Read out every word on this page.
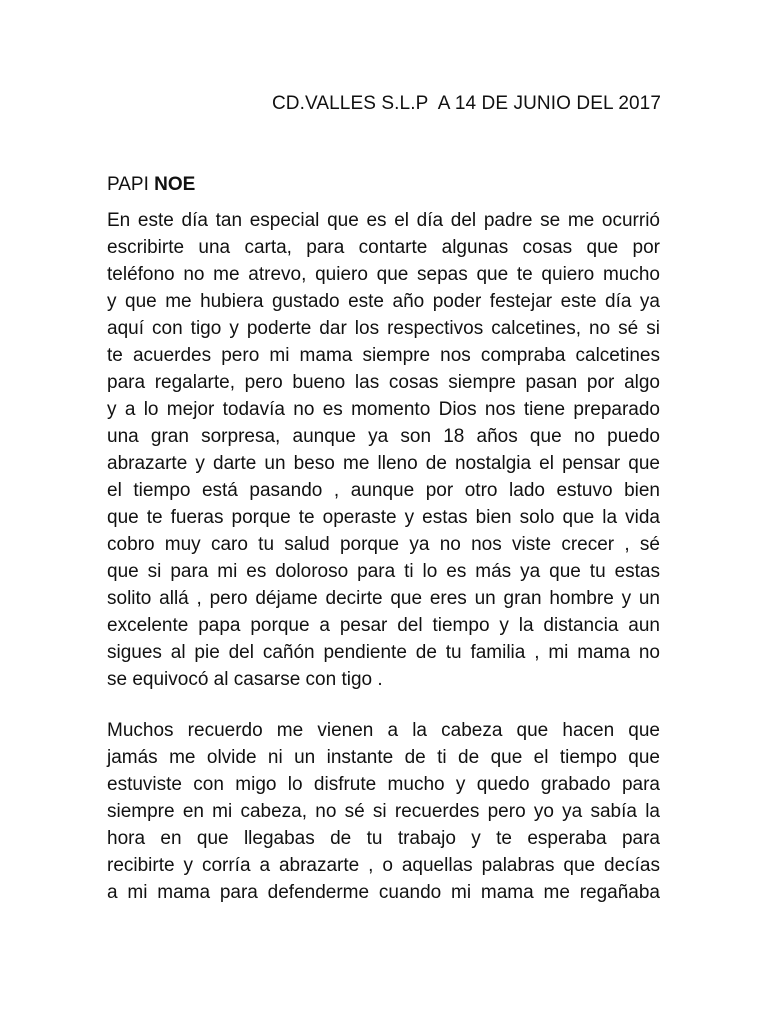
CD.VALLES S.L.P  A 14 DE JUNIO DEL 2017
PAPI NOE
En este día tan especial que es el día del padre se me ocurrió
escribirte una carta, para contarte algunas cosas que por
teléfono no me atrevo, quiero que sepas que te quiero mucho
y que me hubiera gustado este año poder festejar este día ya
aquí con tigo y poderte dar los respectivos calcetines, no sé si
te acuerdes pero mi mama siempre nos compraba calcetines
para regalarte, pero bueno las cosas siempre pasan por algo
y a lo mejor todavía no es momento Dios nos tiene preparado
una gran sorpresa, aunque ya son 18 años que no puedo
abrazarte y darte un beso me lleno de nostalgia el pensar que
el tiempo está pasando , aunque por otro lado estuvo bien
que te fueras porque te operaste y estas bien solo que la vida
cobro muy caro tu salud porque ya no nos viste crecer , sé
que si para mi es doloroso para ti lo es más ya que tu estas
solito allá , pero déjame decirte que eres un gran hombre y un
excelente papa porque a pesar del tiempo y la distancia aun
sigues al pie del cañón pendiente de tu familia , mi mama no
se equivocó al casarse con tigo .
Muchos recuerdo me vienen a la cabeza que hacen que
jamás me olvide ni un instante de ti de que el tiempo que
estuviste con migo lo disfrute mucho y quedo grabado para
siempre en mi cabeza, no sé si recuerdes pero yo ya sabía la
hora en que llegabas de tu trabajo y te esperaba para
recibirte y corría a abrazarte , o aquellas palabras que decías
a mi mama para defenderme cuando mi mama me regañaba
